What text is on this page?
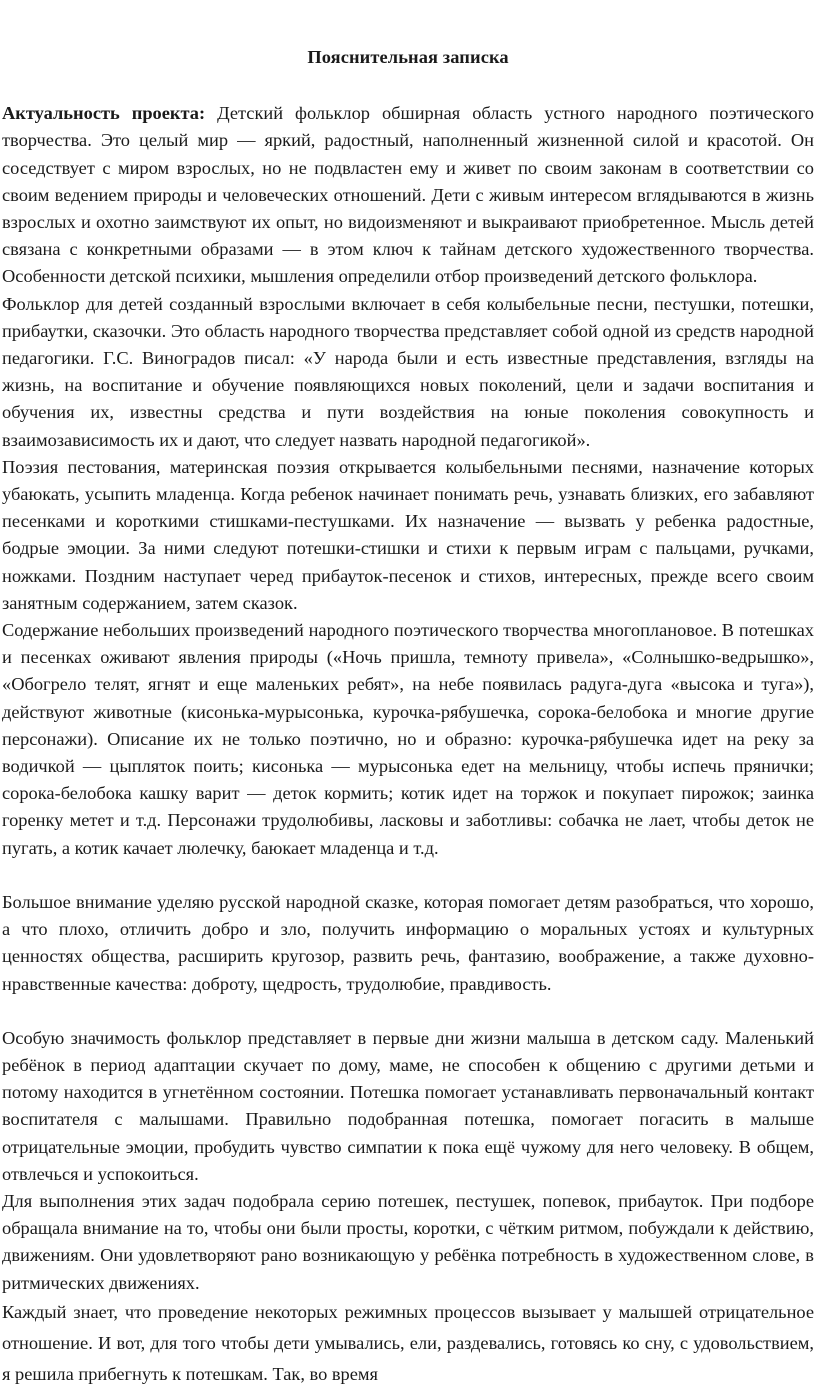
Пояснительная записка

Актуальность проекта: Детский фольклор обширная область устного народного поэтического творчества. Это целый мир — яркий, радостный, наполненный жизненной силой и красотой. Он соседствует с миром взрослых, но не подвластен ему и живет по своим законам в соответствии со своим ведением природы и человеческих отношений. Дети с живым интересом вглядываются в жизнь взрослых и охотно заимствуют их опыт, но видоизменяют и выкраивают приобретенное. Мысль детей связана с конкретными образами — в этом ключ к тайнам детского художественного творчества. Особенности детской психики, мышления определили отбор произведений детского фольклора.

Фольклор для детей созданный взрослыми включает в себя колыбельные песни, пестушки, потешки, прибаутки, сказочки. Это область народного творчества представляет собой одной из средств народной педагогики. Г.С. Виноградов писал: «У народа были и есть известные представления, взгляды на жизнь, на воспитание и обучение появляющихся новых поколений, цели и задачи воспитания и обучения их, известны средства и пути воздействия на юные поколения совокупность и взаимозависимость их и дают, что следует назвать народной педагогикой».

Поэзия пестования, материнская поэзия открывается колыбельными песнями, назначение которых убаюкать, усыпить младенца. Когда ребенок начинает понимать речь, узнавать близких, его забавляют песенками и короткими стишками-пестушками. Их назначение — вызвать у ребенка радостные, бодрые эмоции. За ними следуют потешки-стишки и стихи к первым играм с пальцами, ручками, ножками. Поздним наступает черед прибауток-песенок и стихов, интересных, прежде всего своим занятным содержанием, затем сказок.

Содержание небольших произведений народного поэтического творчества многоплановое. В потешках и песенках оживают явления природы («Ночь пришла, темноту привела», «Солнышко-ведрышко», «Обогрело телят, ягнят и еще маленьких ребят», на небе появилась радуга-дуга «высока и туга»), действуют животные (кисонька-мурысонька, курочка-рябушечка, сорока-белобока и многие другие персонажи). Описание их не только поэтично, но и образно: курочка-рябушечка идет на реку за водичкой — цыпляток поить; кисонька — мурысонька едет на мельницу, чтобы испечь прянички; сорока-белобока кашку варит — деток кормить; котик идет на торжок и покупает пирожок; заинка горенку метет и т.д. Персонажи трудолюбивы, ласковы и заботливы: собачка не лает, чтобы деток не пугать, а котик качает люлечку, баюкает младенца и т.д.

Большое внимание уделяю русской народной сказке, которая помогает детям разобраться, что хорошо, а что плохо, отличить добро и зло, получить информацию о моральных устоях и культурных ценностях общества, расширить кругозор, развить речь, фантазию, воображение, а также духовно-нравственные качества: доброту, щедрость, трудолюбие, правдивость.

Особую значимость фольклор представляет в первые дни жизни малыша в детском саду. Маленький ребёнок в период адаптации скучает по дому, маме, не способен к общению с другими детьми и потому находится в угнетённом состоянии. Потешка помогает устанавливать первоначальный контакт воспитателя с малышами. Правильно подобранная потешка, помогает погасить в малыше отрицательные эмоции, пробудить чувство симпатии к пока ещё чужому для него человеку. В общем, отвлечься и успокоиться.

Для выполнения этих задач подобрала серию потешек, пестушек, попевок, прибауток. При подборе обращала внимание на то, чтобы они были просты, коротки, с чётким ритмом, побуждали к действию, движениям. Они удовлетворяют рано возникающую у ребёнка потребность в художественном слове, в ритмических движениях.

Каждый знает, что проведение некоторых режимных процессов вызывает у малышей отрицательное отношение. И вот, для того чтобы дети умывались, ели, раздевались, готовясь ко сну, с удовольствием, я решила прибегнуть к потешкам. Так, во время
